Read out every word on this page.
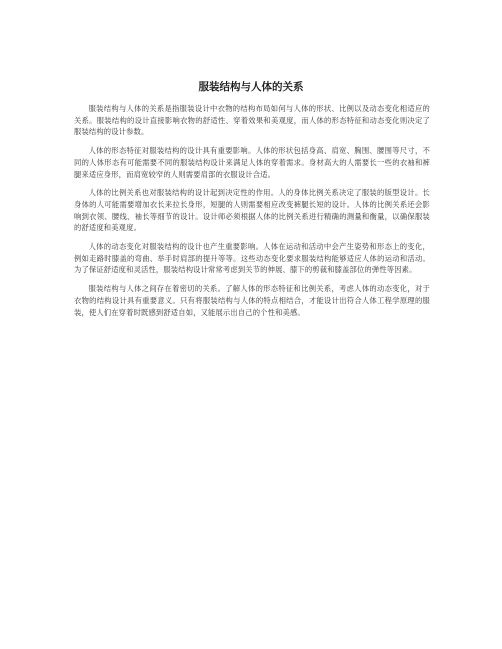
服装结构与人体的关系

服装结构与人体的关系是指服装设计中衣物的结构布局如何与人体的形状、比例以及动态变化相适应的关系。服装结构的设计直接影响衣物的舒适性、穿着效果和美观度，而人体的形态特征和动态变化则决定了服装结构的设计参数。

人体的形态特征对服装结构的设计具有重要影响。人体的形状包括身高、肩宽、胸围、腰围等尺寸，不同的人体形态有可能需要不同的服装结构设计来满足人体的穿着需求。身材高大的人需要长一些的衣袖和裤腿来适应身形，而肩宽较窄的人则需要肩部的衣服设计合适。

人体的比例关系也对服装结构的设计起到决定性的作用。人的身体比例关系决定了服装的版型设计。长身体的人可能需要增加衣长来拉长身形，短腿的人则需要相应改变裤腿长短的设计。人体的比例关系还会影响到衣领、腰线、袖长等细节的设计。设计师必须根据人体的比例关系进行精确的测量和衡量，以确保服装的舒适度和美观度。

人体的动态变化对服装结构的设计也产生重要影响。人体在运动和活动中会产生姿势和形态上的变化，例如走路时膝盖的弯曲、举手时肩部的提升等等。这些动态变化要求服装结构能够适应人体的运动和活动。为了保证舒适度和灵活性，服装结构设计常常考虑到关节的伸展、膝下的剪裁和膝盖部位的弹性等因素。

服装结构与人体之间存在着密切的关系。了解人体的形态特征和比例关系，考虑人体的动态变化，对于衣物的结构设计具有重要意义。只有将服装结构与人体的特点相结合，才能设计出符合人体工程学原理的服装，使人们在穿着时既感到舒适自如，又能展示出自己的个性和美感。
